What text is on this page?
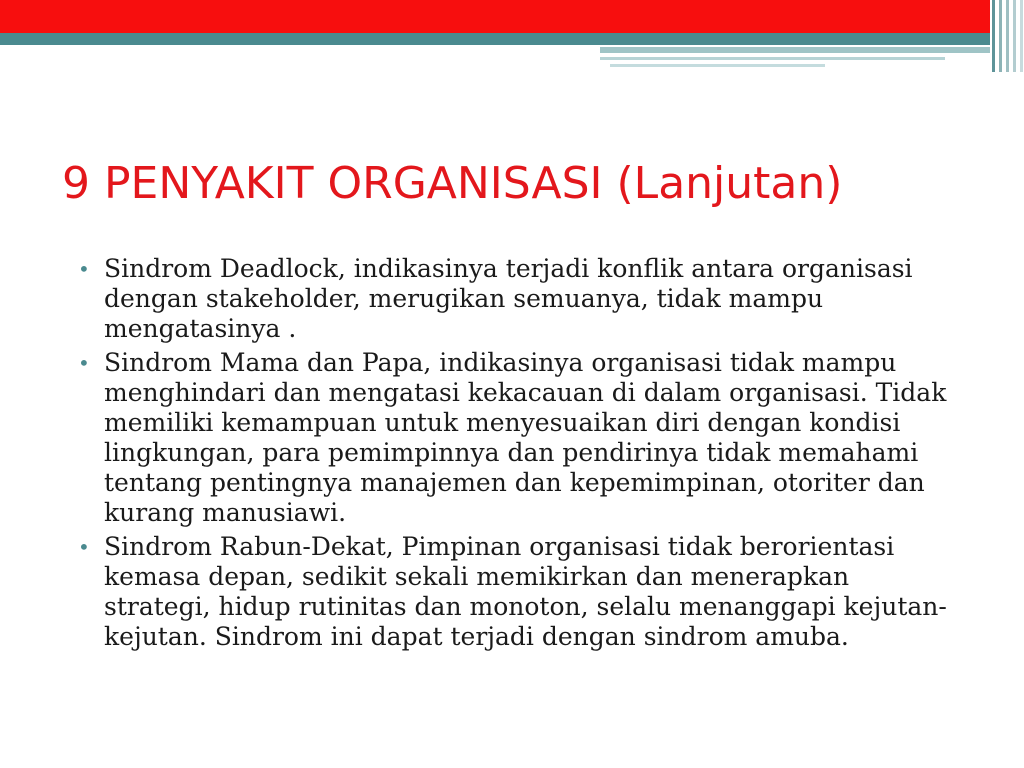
9 PENYAKIT ORGANISASI (Lanjutan)
• Sindrom Deadlock, indikasinya terjadi konflik antara organisasi dengan stakeholder, merugikan semuanya, tidak mampu mengatasinya .
• Sindrom Mama dan Papa, indikasinya organisasi tidak mampu menghindari dan mengatasi kekacauan di dalam organisasi. Tidak memiliki kemampuan untuk menyesuaikan diri dengan kondisi lingkungan, para pemimpinnya dan pendirinya tidak memahami tentang pentingnya manajemen dan kepemimpinan, otoriter dan kurang manusiawi.
• Sindrom Rabun-Dekat, Pimpinan organisasi tidak berorientasi kemasa depan, sedikit sekali memikirkan dan menerapkan strategi, hidup rutinitas dan monoton, selalu menanggapi kejutan-kejutan. Sindrom ini dapat terjadi dengan sindrom amuba.
